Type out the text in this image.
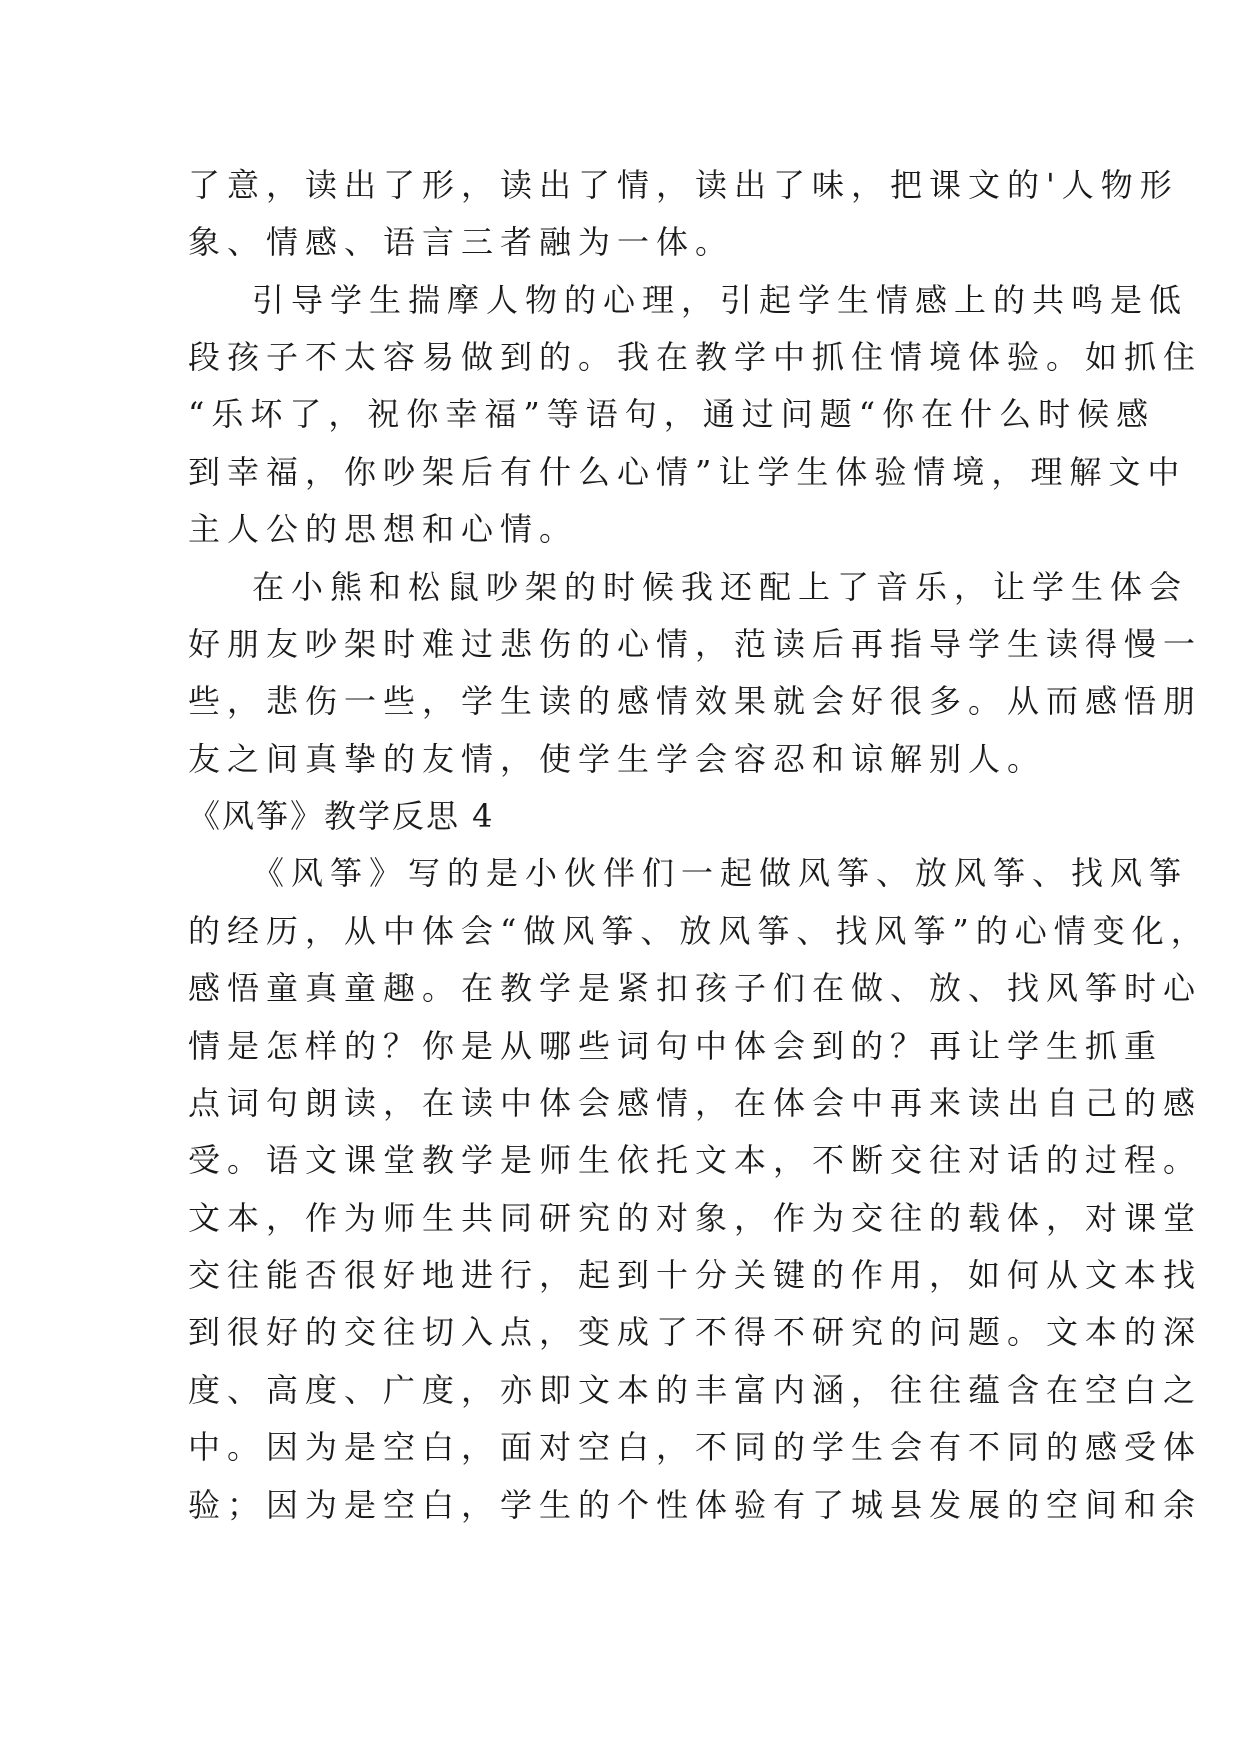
了意，读出了形，读出了情，读出了味，把课文的'人物形

象、情感、语言三者融为一体。

引导学生揣摩人物的心理，引起学生情感上的共鸣是低

段孩子不太容易做到的。我在教学中抓住情境体验。如抓住

“乐坏了，祝你幸福”等语句，通过问题“你在什么时候感

到幸福，你吵架后有什么心情”让学生体验情境，理解文中

主人公的思想和心情。

在小熊和松鼠吵架的时候我还配上了音乐，让学生体会

好朋友吵架时难过悲伤的心情，范读后再指导学生读得慢一

些，悲伤一些，学生读的感情效果就会好很多。从而感悟朋

友之间真挚的友情，使学生学会容忍和谅解别人。

《风筝》教学反思 4

《风筝》写的是小伙伴们一起做风筝、放风筝、找风筝

的经历，从中体会“做风筝、放风筝、找风筝”的心情变化，

感悟童真童趣。在教学是紧扣孩子们在做、放、找风筝时心

情是怎样的？你是从哪些词句中体会到的？再让学生抓重

点词句朗读，在读中体会感情，在体会中再来读出自己的感

受。语文课堂教学是师生依托文本，不断交往对话的过程。

文本，作为师生共同研究的对象，作为交往的载体，对课堂

交往能否很好地进行，起到十分关键的作用，如何从文本找

到很好的交往切入点，变成了不得不研究的问题。文本的深

度、高度、广度，亦即文本的丰富内涵，往往蕴含在空白之

中。因为是空白，面对空白，不同的学生会有不同的感受体

验；因为是空白，学生的个性体验有了城县发展的空间和余
